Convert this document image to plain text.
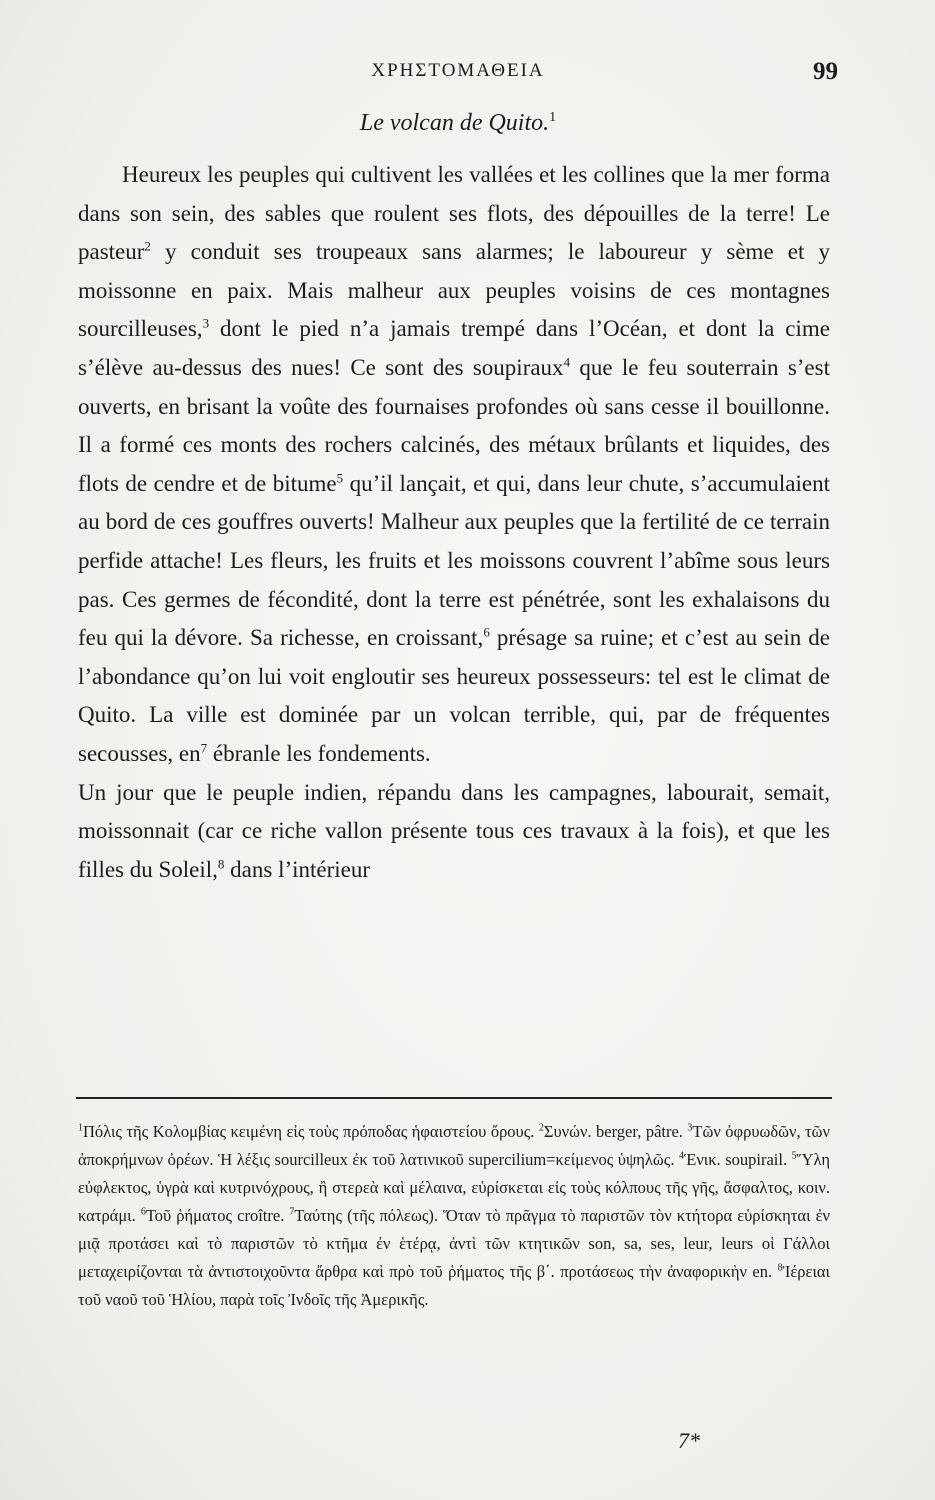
ΧΡΗΣΤΟΜΑΘΕΙΑ	99
Le volcan de Quito.$^1$

Heureux les peuples qui cultivent les vallées et les collines que la mer forma dans son sein, des sables que roulent ses flots, des dépouilles de la terre! Le pasteur$^2$ y conduit ses troupeaux sans alarmes; le laboureur y sème et y moissonne en paix. Mais malheur aux peuples voisins de ces montagnes sourcilleuses,$^3$ dont le pied n’a jamais trempé dans l’Océan, et dont la cime s’élève au-dessus des nues! Ce sont des soupiraux$^4$ que le feu souterrain s’est ouverts, en brisant la voûte des fournaises profondes où sans cesse il bouillonne. Il a formé ces monts des rochers calcinés, des métaux brûlants et liquides, des flots de cendre et de bitume$^5$ qu’il lançait, et qui, dans leur chute, s’accumulaient au bord de ces gouffres ouverts! Malheur aux peuples que la fertilité de ce terrain perfide attache! Les fleurs, les fruits et les moissons couvrent l’abîme sous leurs pas. Ces germes de fécondité, dont la terre est pénétrée, sont les exhalaisons du feu qui la dévore. Sa richesse, en croissant,$^6$ présage sa ruine; et c’est au sein de l’abondance qu’on lui voit engloutir ses heureux possesseurs: tel est le climat de Quito. La ville est dominée par un volcan terrible, qui, par de fréquentes secousses, $en^7$ ébranle les fondements.

Un jour que le peuple indien, répandu dans les campagnes, labourait, semait, moissonnait (car ce riche vallon présente tous ces travaux à la fois), et que les filles du Soleil,$^8$ dans l’intérieur

$^1$Πόλις τῆς Κολομβίας κειμένη εἰς τοὺς πρόποδας ἡφαιστείου ὄρους. $^2$Συνών. berger, pâtre. $^3$Τῶν ὀφρυωδῶν, τῶν ἀποκρήμνων ὀρέων. Ἡ λέξις sourcilleux ἐκ τοῦ λατινικοῦ supercilium=κείμενος ὑψηλῶς. $^4$Ἑνικ. soupirail. $^5$Ὕλη εὐφλεκτος, ὑγρὰ καὶ κυτρινόχρους, ἢ στερεὰ καὶ μέλαινα, εὑρίσκεται εἰς τοὺς κόλπους τῆς γῆς, ἄσφαλτος, κοιν. κατράμι. $^6$Τοῦ ῥήματος croître. $^7$Ταύτης (τῆς πόλεως). Ὅταν τὸ πρᾶγμα τὸ παριστῶν τὸν κτήτορα εὑρίσκηται ἐν μιᾷ προτάσει καὶ τὸ παριστῶν τὸ κτῆμα ἐν ἑτέρᾳ, ἀντὶ τῶν κτητικῶν son, sa, ses, leur, leurs οἱ Γάλλοι μεταχειρίζονται τὰ ἀντιστοιχοῦντα ἄρθρα καὶ πρὸ τοῦ ῥήματος τῆς β΄. προτάσεως τὴν ἀναφορικὴν en. $^8$Ἱέρειαι τοῦ ναοῦ τοῦ Ἡλίου, παρὰ τοῖς Ἰνδοῖς τῆς Ἀμερικῆς.

7*
